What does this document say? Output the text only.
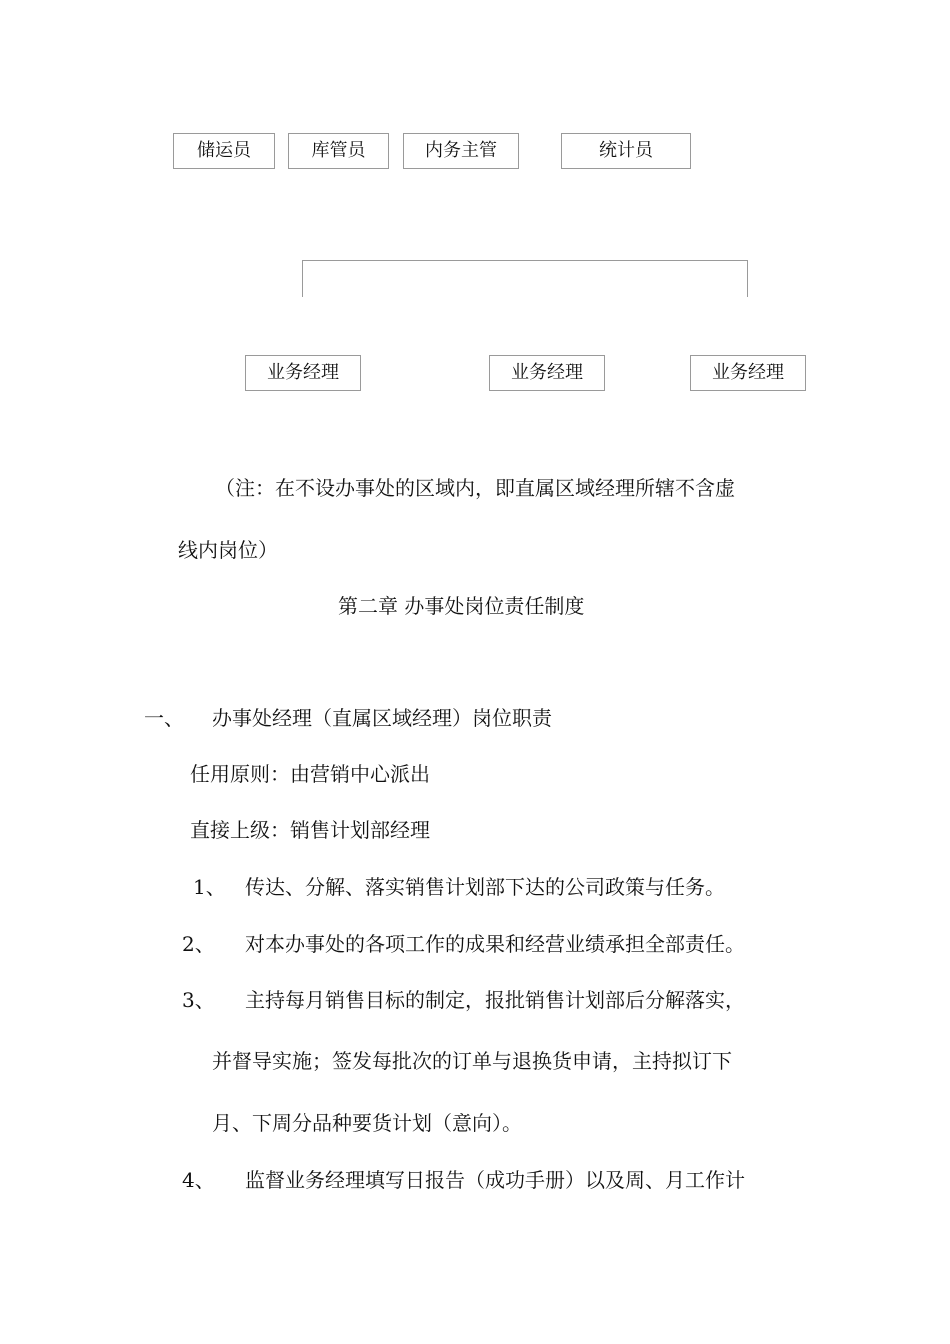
储运员	库管员	内务主管	统计员
业务经理	业务经理	业务经理
（注：在不设办事处的区域内，即直属区域经理所辖不含虚
线内岗位）
第二章 办事处岗位责任制度
一、 办事处经理（直属区域经理）岗位职责
任用原则：由营销中心派出
直接上级：销售计划部经理
1、 传达、分解、落实销售计划部下达的公司政策与任务。
2、 对本办事处的各项工作的成果和经营业绩承担全部责任。
3、 主持每月销售目标的制定，报批销售计划部后分解落实，
并督导实施；签发每批次的订单与退换货申请，主持拟订下
月、下周分品种要货计划（意向）。
4、 监督业务经理填写日报告（成功手册）以及周、月工作计
